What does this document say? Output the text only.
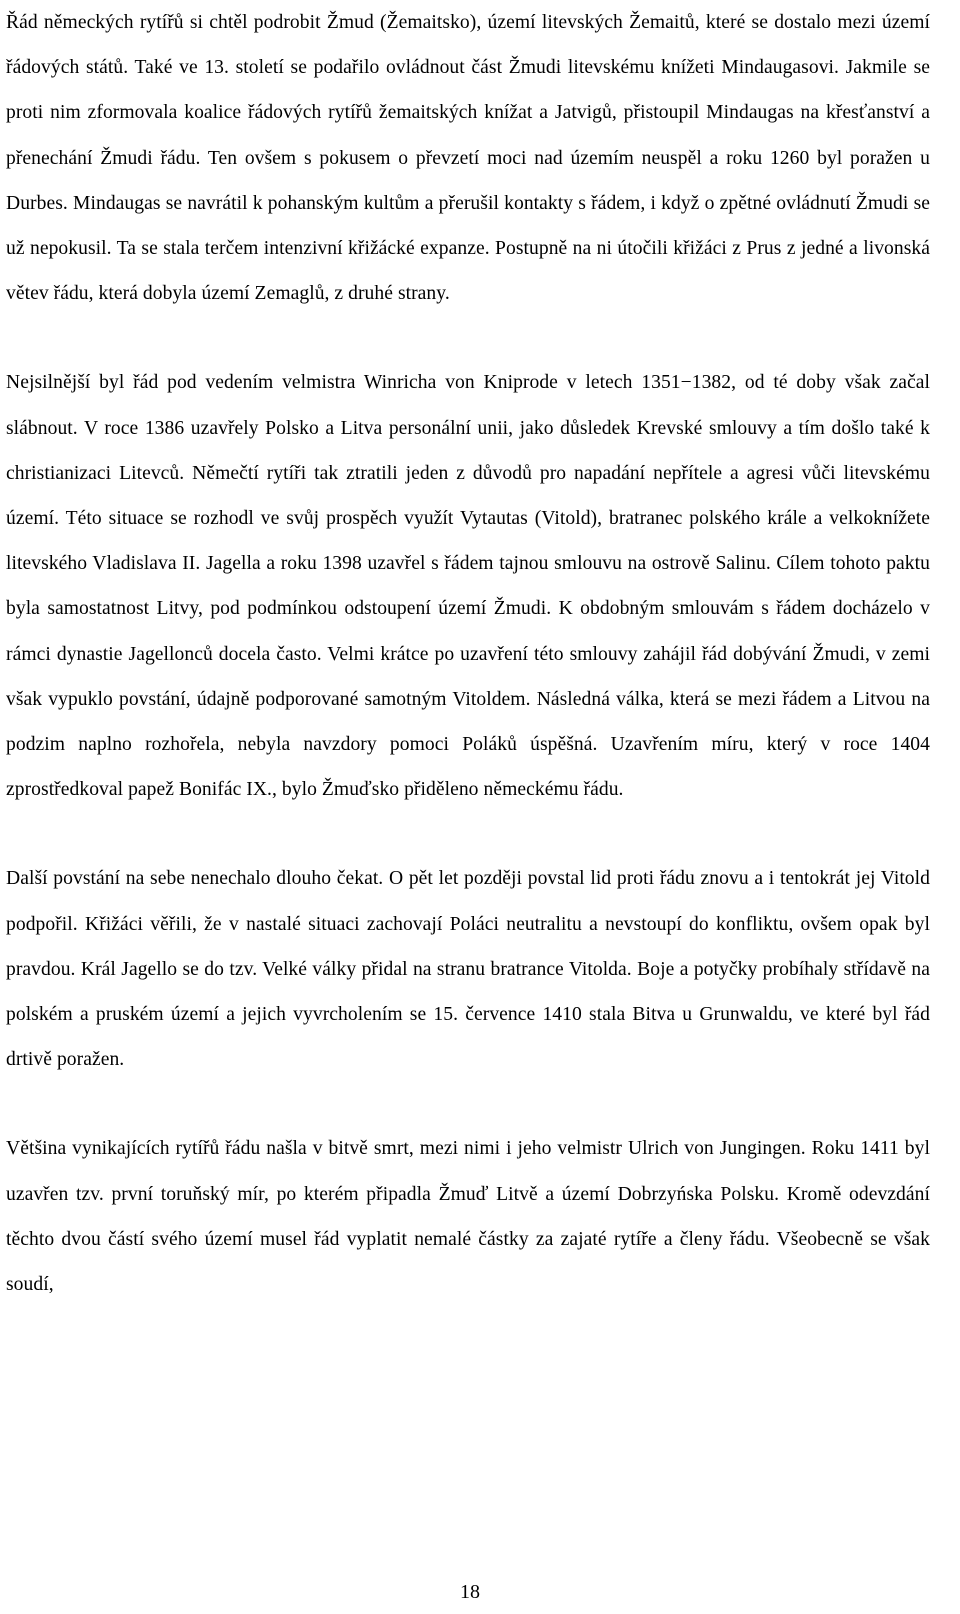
Řád německých rytířů si chtěl podrobit Žmud (Žemaitsko), území litevských Žemaitů, které se dostalo mezi území řádových států. Také ve 13. století se podařilo ovládnout část Žmudi litevskému knížeti Mindaugasovi. Jakmile se proti nim zformovala koalice řádových rytířů žemaitských knížat a Jatvigů, přistoupil Mindaugas na křesťanství a přenechání Žmudi řádu. Ten ovšem s pokusem o převzetí moci nad územím neuspěl a roku 1260 byl poražen u Durbes. Mindaugas se navrátil k pohanským kultům a přerušil kontakty s řádem, i když o zpětné ovládnutí Žmudi se už nepokusil. Ta se stala terčem intenzivní křižácké expanze. Postupně na ni útočili křižáci z Prus z jedné a livonská větev řádu, která dobyla území Zemaglů, z druhé strany.

Nejsilnější byl řád pod vedením velmistra Winricha von Kniprode v letech 1351−1382, od té doby však začal slábnout. V roce 1386 uzavřely Polsko a Litva personální unii, jako důsledek Krevské smlouvy a tím došlo také k christianizaci Litevců. Němečtí rytíři tak ztratili jeden z důvodů pro napadání nepřítele a agresi vůči litevskému území. Této situace se rozhodl ve svůj prospěch využít Vytautas (Vitold), bratranec polského krále a velkoknížete litevského Vladislava II. Jagella a roku 1398 uzavřel s řádem tajnou smlouvu na ostrově Salinu. Cílem tohoto paktu byla samostatnost Litvy, pod podmínkou odstoupení území Žmudi. K obdobným smlouvám s řádem docházelo v rámci dynastie Jagellonců docela často. Velmi krátce po uzavření této smlouvy zahájil řád dobývání Žmudi, v zemi však vypuklo povstání, údajně podporované samotným Vitoldem. Následná válka, která se mezi řádem a Litvou na podzim naplno rozhořela, nebyla navzdory pomoci Poláků úspěšná. Uzavřením míru, který v roce 1404 zprostředkoval papež Bonifác IX., bylo Žmuďsko přiděleno německému řádu.

Další povstání na sebe nenechalo dlouho čekat. O pět let později povstal lid proti řádu znovu a i tentokrát jej Vitold podpořil. Křižáci věřili, že v nastalé situaci zachovají Poláci neutralitu a nevstoupí do konfliktu, ovšem opak byl pravdou. Král Jagello se do tzv. Velké války přidal na stranu bratrance Vitolda. Boje a potyčky probíhaly střídavě na polském a pruském území a jejich vyvrcholením se 15. července 1410 stala Bitva u Grunwaldu, ve které byl řád drtivě poražen.

Většina vynikajících rytířů řádu našla v bitvě smrt, mezi nimi i jeho velmistr Ulrich von Jungingen. Roku 1411 byl uzavřen tzv. první toruňský mír, po kterém připadla Žmuď Litvě a území Dobrzyńska Polsku. Kromě odevzdání těchto dvou částí svého území musel řád vyplatit nemalé částky za zajaté rytíře a členy řádu. Všeobecně se však soudí,

18
